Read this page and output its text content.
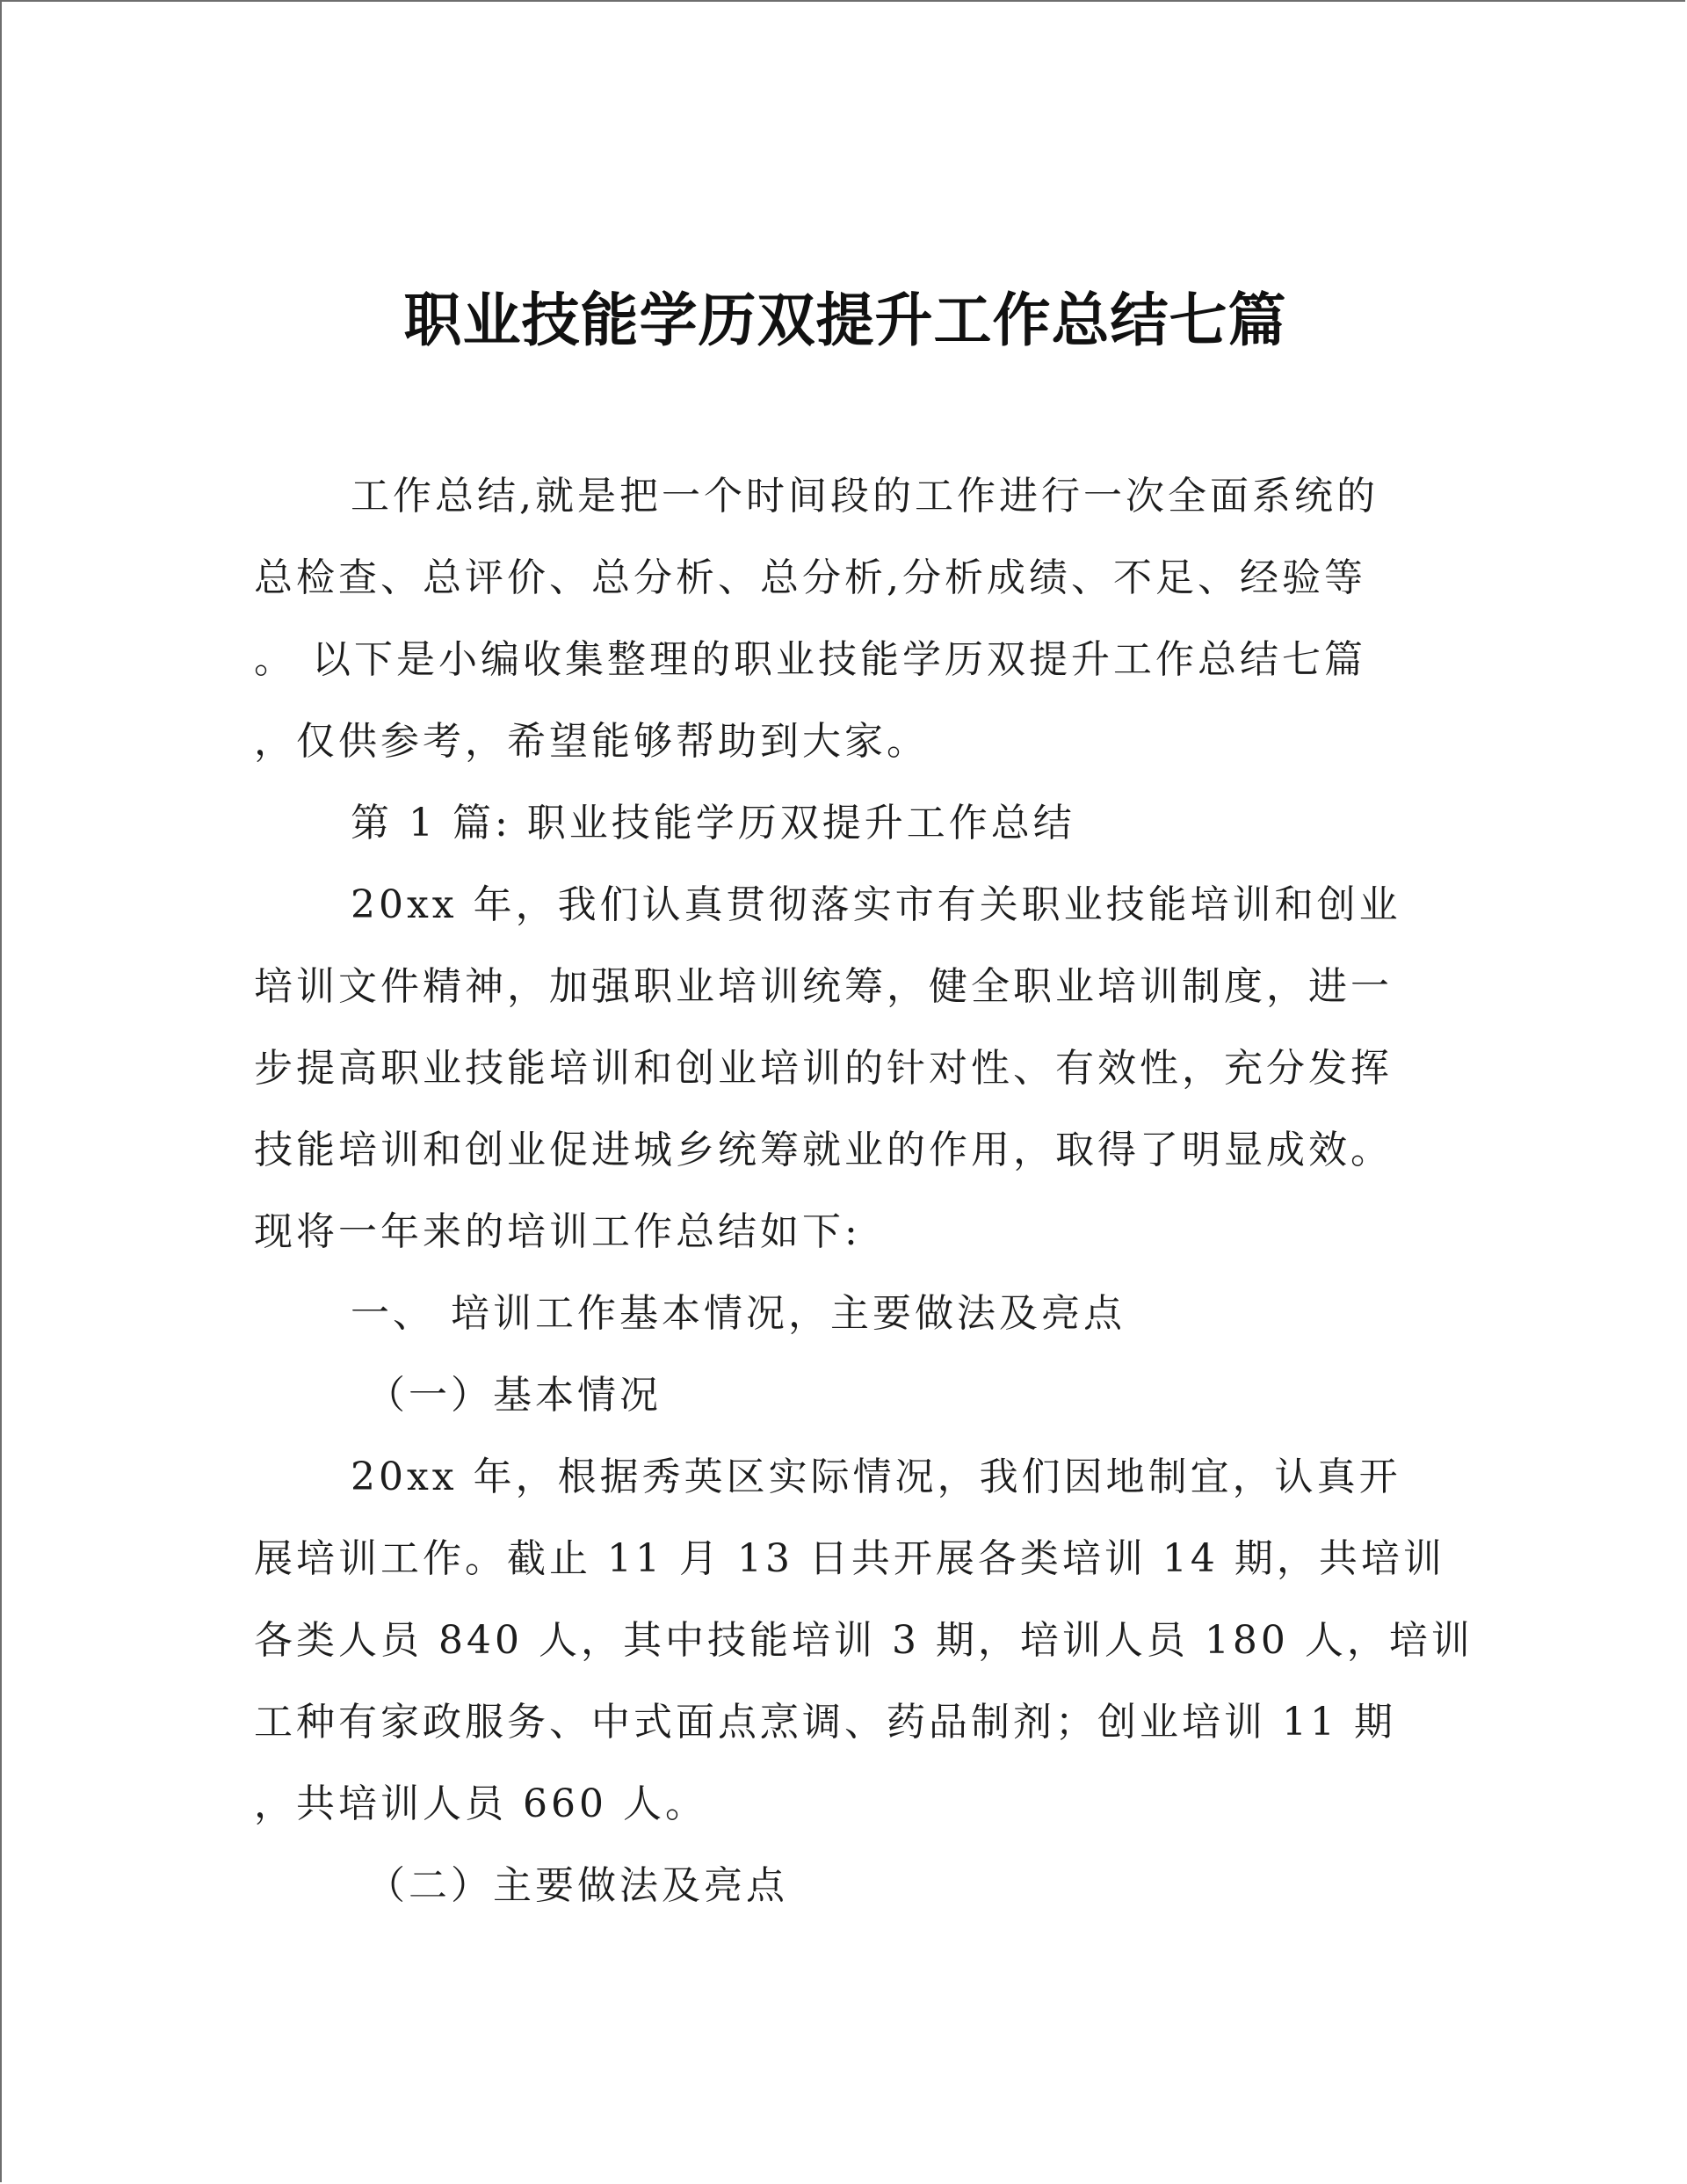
职业技能学历双提升工作总结七篇
工作总结,就是把一个时间段的工作进行一次全面系统的
总检查、总评价、总分析、总分析,分析成绩、不足、经验等
。 以下是小编收集整理的职业技能学历双提升工作总结七篇
，仅供参考，希望能够帮助到大家。
第 1 篇: 职业技能学历双提升工作总结
20xx 年，我们认真贯彻落实市有关职业技能培训和创业
培训文件精神，加强职业培训统筹，健全职业培训制度，进一
步提高职业技能培训和创业培训的针对性、有效性，充分发挥
技能培训和创业促进城乡统筹就业的作用，取得了明显成效。
现将一年来的培训工作总结如下:
一、 培训工作基本情况，主要做法及亮点
（一）基本情况
20xx 年，根据秀英区实际情况，我们因地制宜，认真开
展培训工作。截止 11 月 13 日共开展各类培训 14 期，共培训
各类人员 840 人，其中技能培训 3 期，培训人员 180 人，培训
工种有家政服务、中式面点烹调、药品制剂；创业培训 11 期
，共培训人员 660 人。
（二）主要做法及亮点
